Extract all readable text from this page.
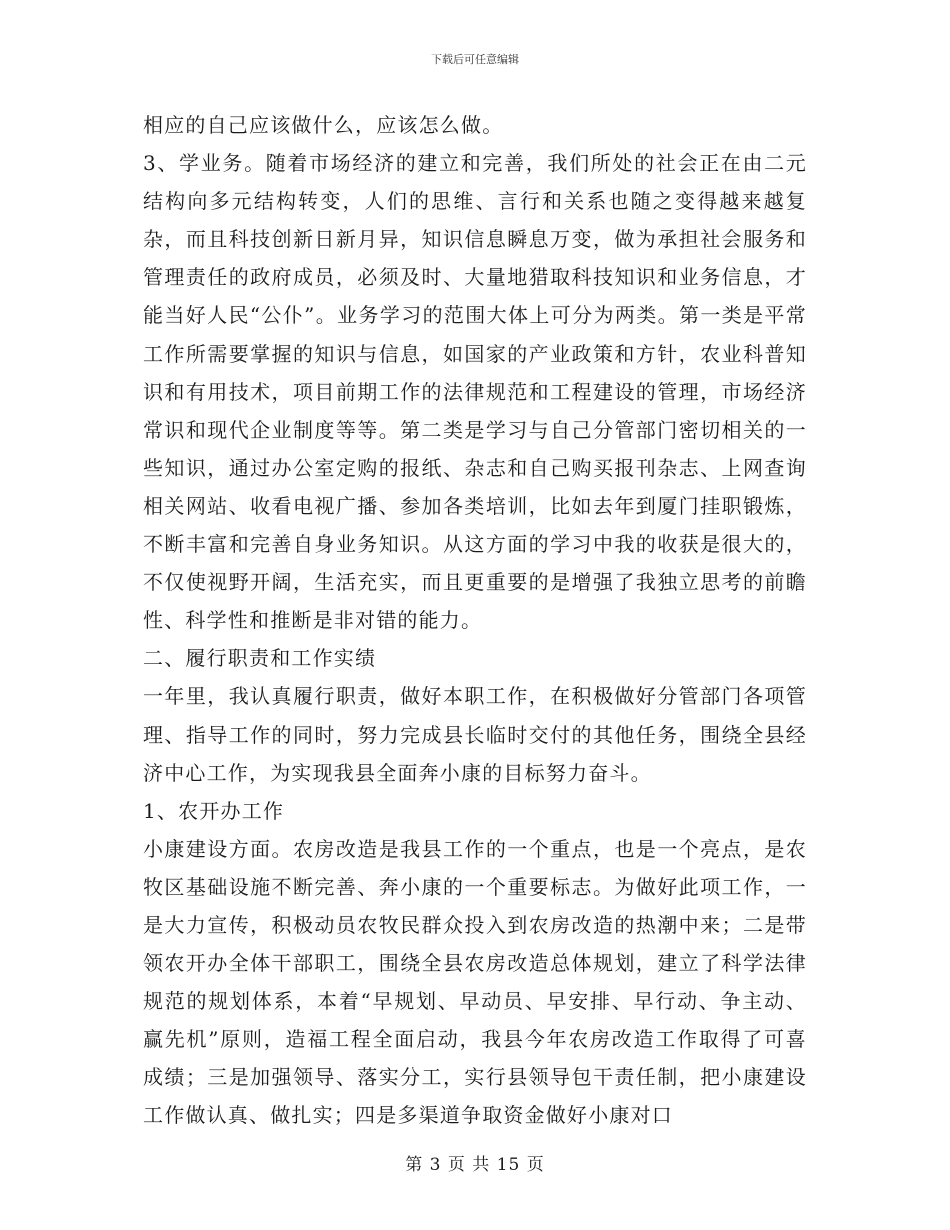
下载后可任意编辑

相应的自己应该做什么，应该怎么做。

3、学业务。随着市场经济的建立和完善，我们所处的社会正在由二元结构向多元结构转变，人们的思维、言行和关系也随之变得越来越复杂，而且科技创新日新月异，知识信息瞬息万变，做为承担社会服务和管理责任的政府成员，必须及时、大量地猎取科技知识和业务信息，才能当好人民“公仆”。业务学习的范围大体上可分为两类。第一类是平常工作所需要掌握的知识与信息，如国家的产业政策和方针，农业科普知识和有用技术，项目前期工作的法律规范和工程建设的管理，市场经济常识和现代企业制度等等。第二类是学习与自己分管部门密切相关的一些知识，通过办公室定购的报纸、杂志和自己购买报刊杂志、上网查询相关网站、收看电视广播、参加各类培训，比如去年到厦门挂职锻炼，不断丰富和完善自身业务知识。从这方面的学习中我的收获是很大的，不仅使视野开阔，生活充实，而且更重要的是增强了我独立思考的前瞻性、科学性和推断是非对错的能力。

二、履行职责和工作实绩

一年里，我认真履行职责，做好本职工作，在积极做好分管部门各项管理、指导工作的同时，努力完成县长临时交付的其他任务，围绕全县经济中心工作，为实现我县全面奔小康的目标努力奋斗。

1、农开办工作

小康建设方面。农房改造是我县工作的一个重点，也是一个亮点，是农牧区基础设施不断完善、奔小康的一个重要标志。为做好此项工作，一是大力宣传，积极动员农牧民群众投入到农房改造的热潮中来；二是带领农开办全体干部职工，围绕全县农房改造总体规划，建立了科学法律规范的规划体系，本着“早规划、早动员、早安排、早行动、争主动、赢先机”原则，造福工程全面启动，我县今年农房改造工作取得了可喜成绩；三是加强领导、落实分工，实行县领导包干责任制，把小康建设工作做认真、做扎实；四是多渠道争取资金做好小康对口

第 3 页 共 15 页
